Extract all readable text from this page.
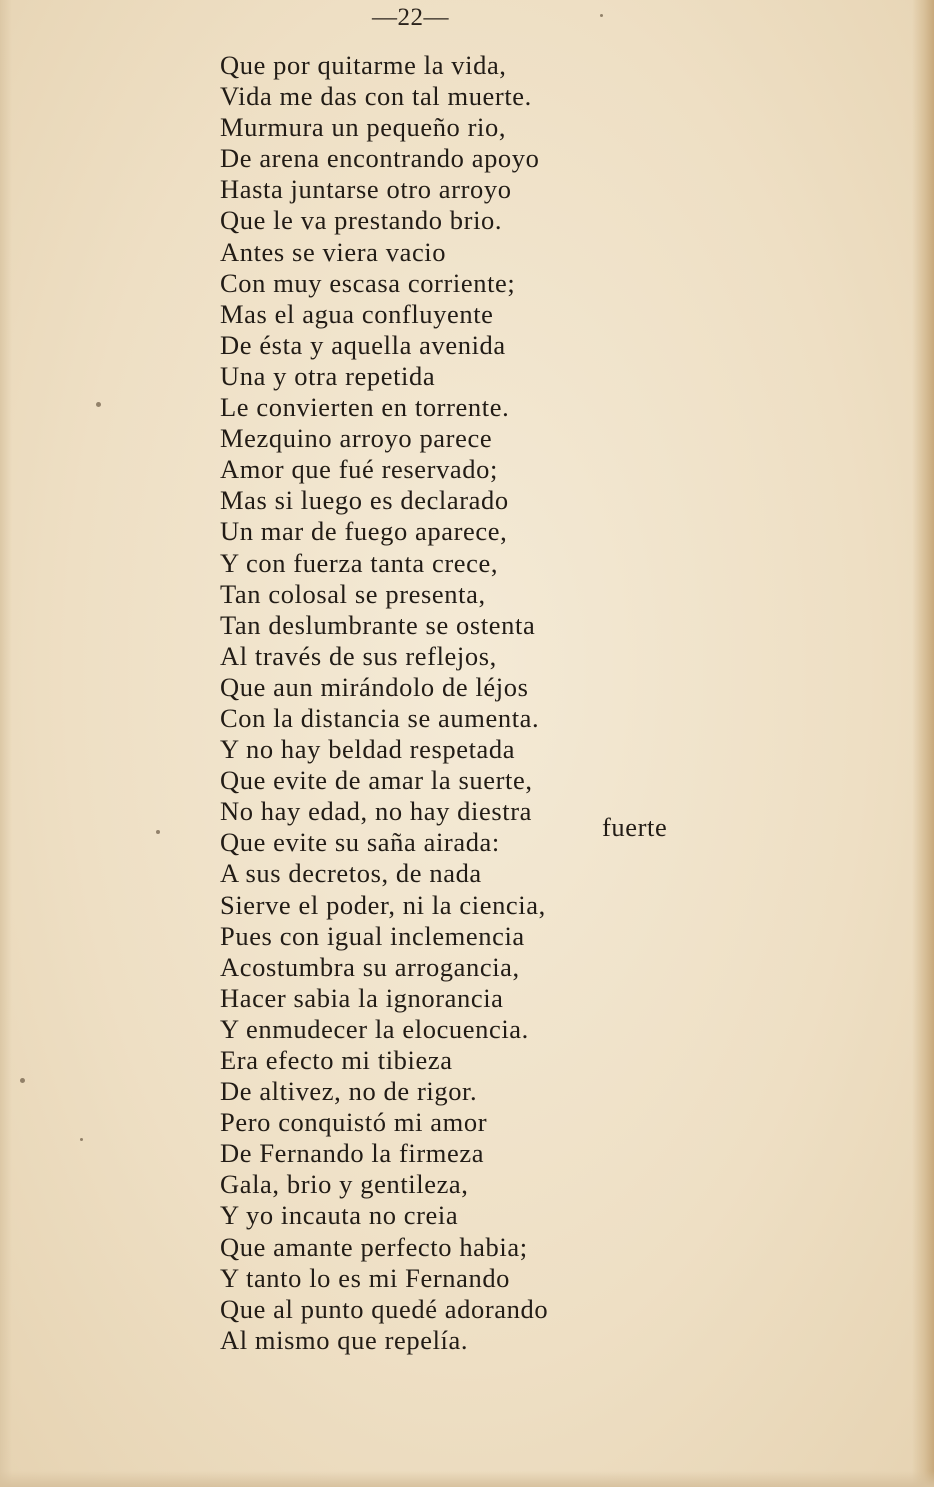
—22—
Que por quitarme la vida,
Vida me das con tal muerte.
Murmura un pequeño rio,
De arena encontrando apoyo
Hasta juntarse otro arroyo
Que le va prestando brio.
Antes se viera vacio
Con muy escasa corriente;
Mas el agua confluyente
De ésta y aquella avenida
Una y otra repetida
Le convierten en torrente.
Mezquino arroyo parece
Amor que fué reservado;
Mas si luego es declarado
Un mar de fuego aparece,
Y con fuerza tanta crece,
Tan colosal se presenta,
Tan deslumbrante se ostenta
Al través de sus reflejos,
Que aun mirándolo de léjos
Con la distancia se aumenta.
Y no hay beldad respetada
Que evite de amar la suerte,
No hay edad, no hay diestra
Que evite su saña airada:
A sus decretos, de nada
Sierve el poder, ni la ciencia,
Pues con igual inclemencia
Acostumbra su arrogancia,
Hacer sabia la ignorancia
Y enmudecer la elocuencia.
Era efecto mi tibieza
De altivez, no de rigor.
Pero conquistó mi amor
De Fernando la firmeza
Gala, brio y gentileza,
Y yo incauta no creia
Que amante perfecto habia;
Y tanto lo es mi Fernando
Que al punto quedé adorando
Al mismo que repelía.
fuerte
